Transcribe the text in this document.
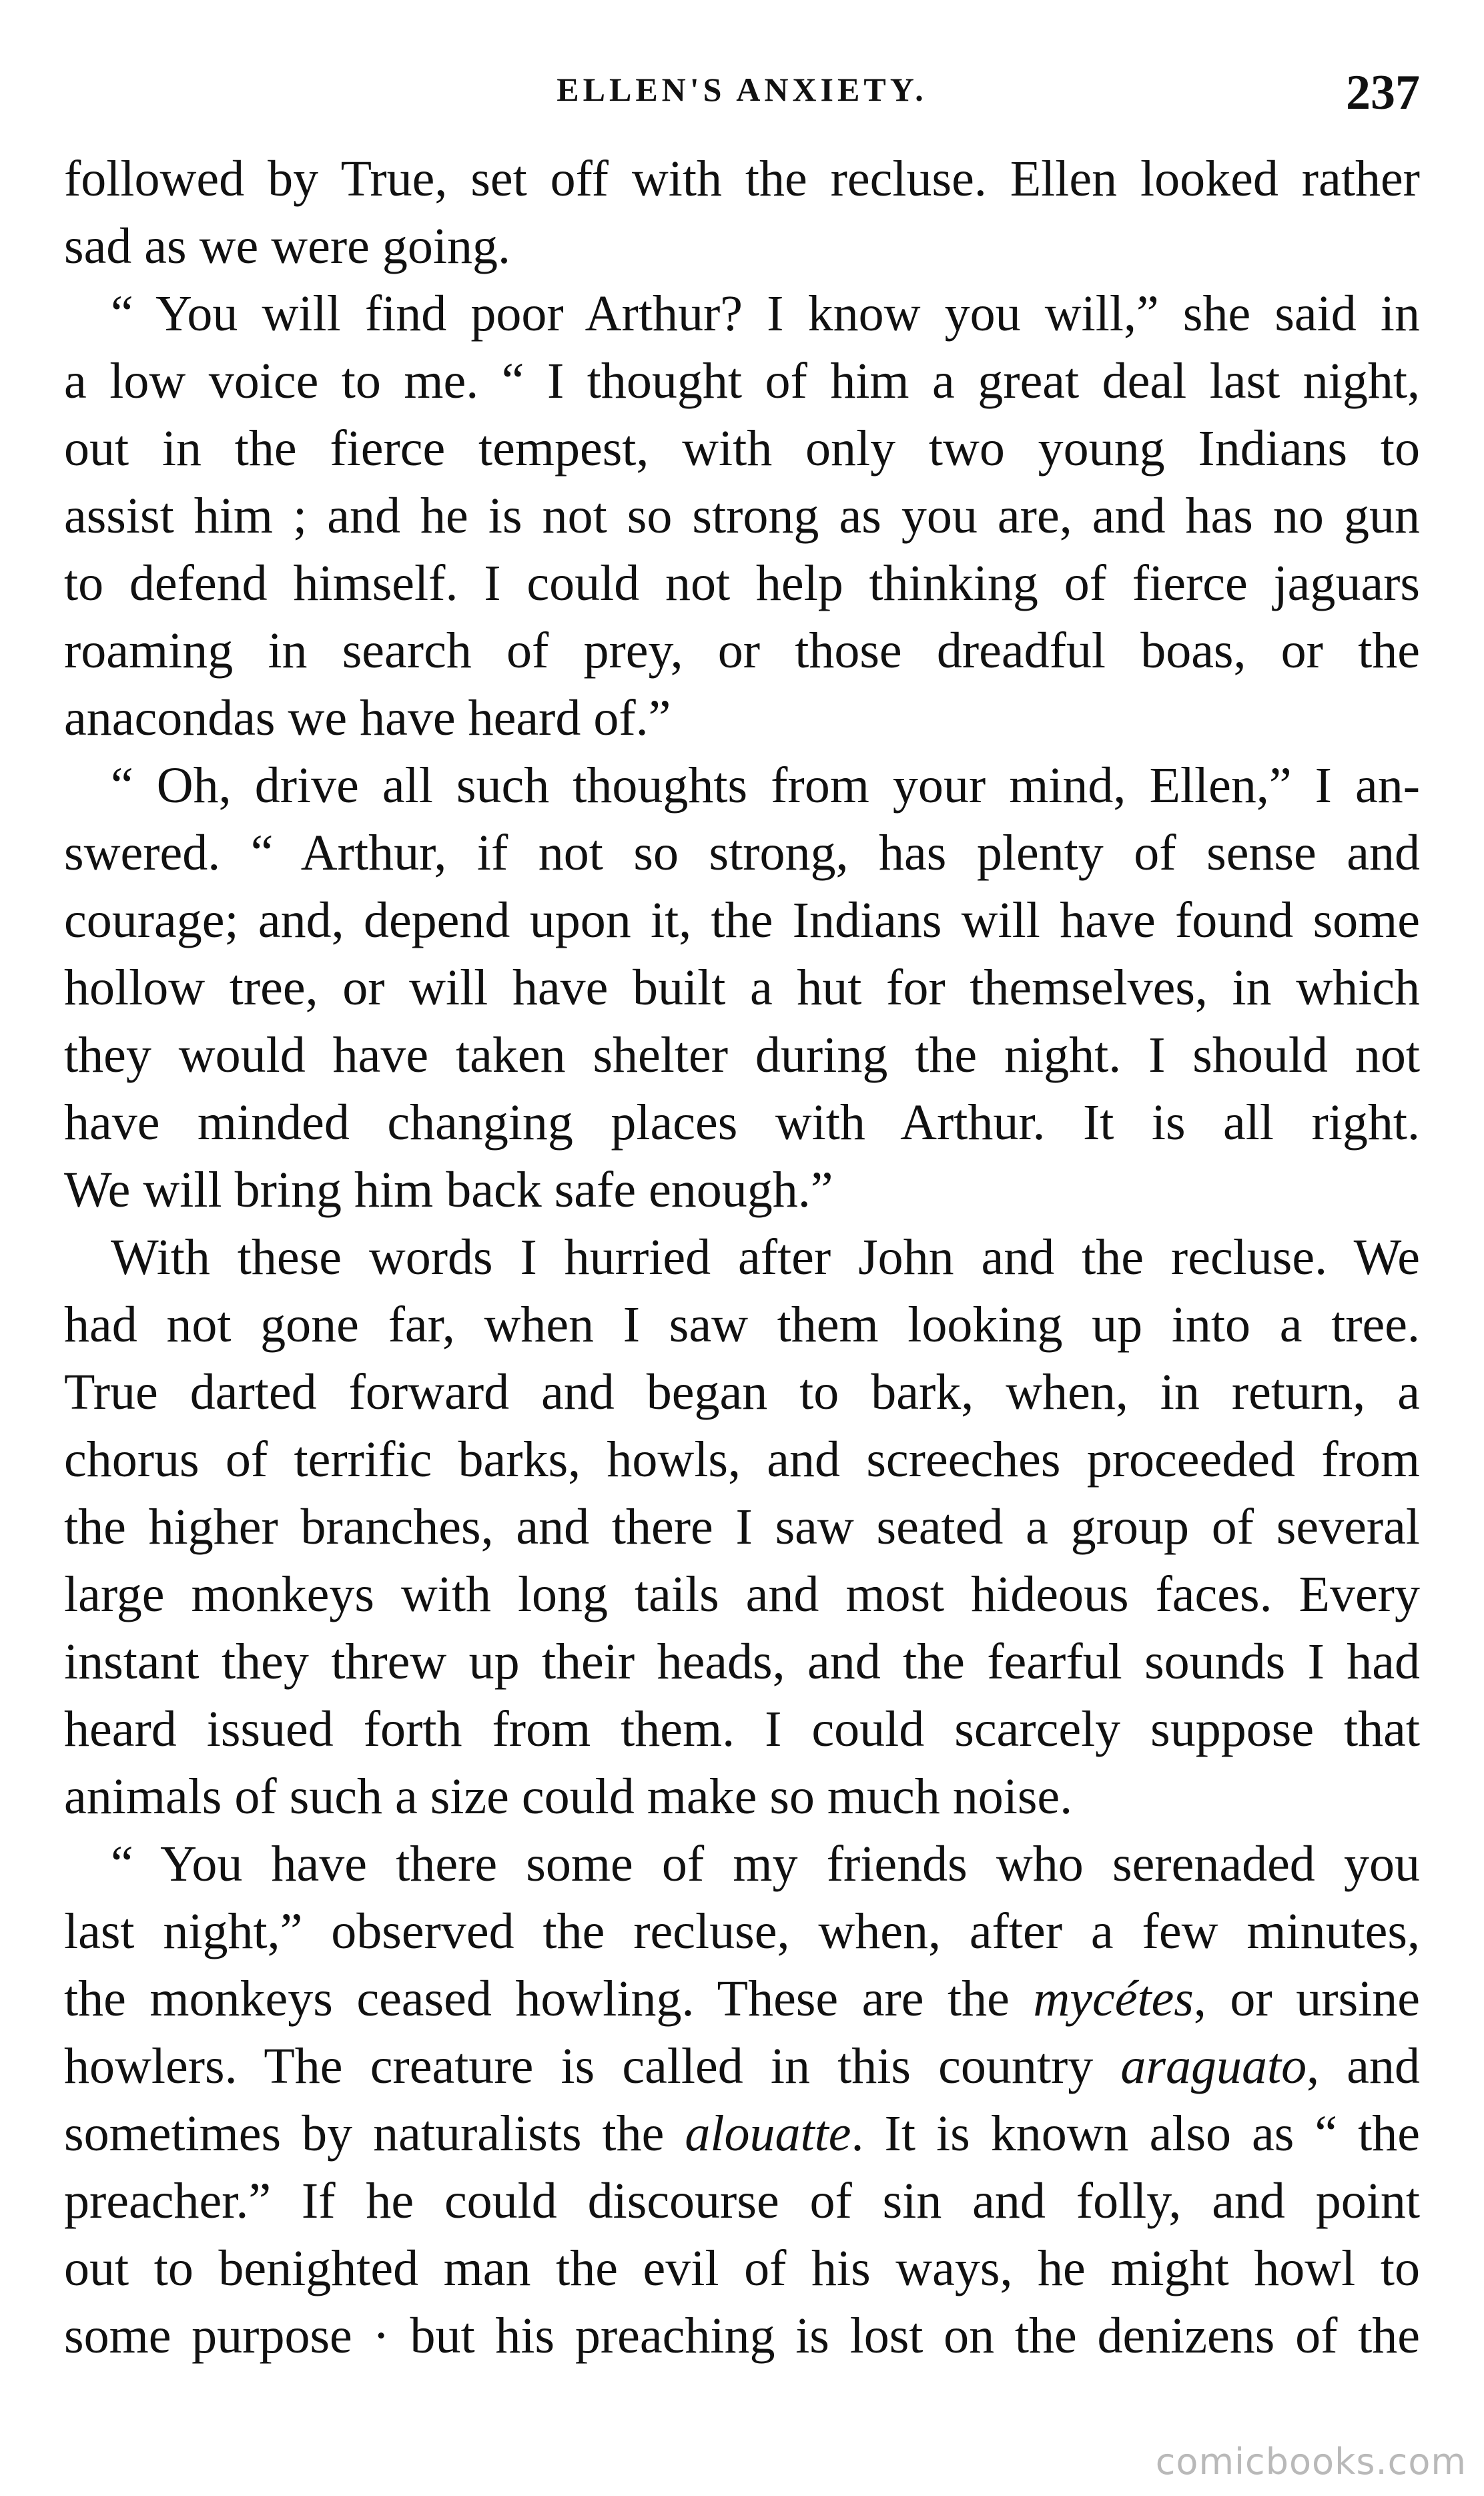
ELLEN'S ANXIETY.	237
followed by True, set off with the recluse. Ellen looked rather
sad as we were going.
“ You will find poor Arthur? I know you will,” she said in
a low voice to me. “ I thought of him a great deal last night,
out in the fierce tempest, with only two young Indians to
assist him ; and he is not so strong as you are, and has no gun
to defend himself. I could not help thinking of fierce jaguars
roaming in search of prey, or those dreadful boas, or the
anacondas we have heard of.”
“ Oh, drive all such thoughts from your mind, Ellen,” I an-
swered. “ Arthur, if not so strong, has plenty of sense and
courage; and, depend upon it, the Indians will have found some
hollow tree, or will have built a hut for themselves, in which
they would have taken shelter during the night. I should not
have minded changing places with Arthur. It is all right.
We will bring him back safe enough.”
With these words I hurried after John and the recluse. We
had not gone far, when I saw them looking up into a tree.
True darted forward and began to bark, when, in return, a
chorus of terrific barks, howls, and screeches proceeded from
the higher branches, and there I saw seated a group of several
large monkeys with long tails and most hideous faces. Every
instant they threw up their heads, and the fearful sounds I had
heard issued forth from them. I could scarcely suppose that
animals of such a size could make so much noise.
“ You have there some of my friends who serenaded you
last night,” observed the recluse, when, after a few minutes,
the monkeys ceased howling. These are the mycétes, or ursine
howlers. The creature is called in this country araguato, and
sometimes by naturalists the alouatte. It is known also as “ the
preacher.” If he could discourse of sin and folly, and point
out to benighted man the evil of his ways, he might howl to
some purpose · but his preaching is lost on the denizens of the
comicbooks.com
